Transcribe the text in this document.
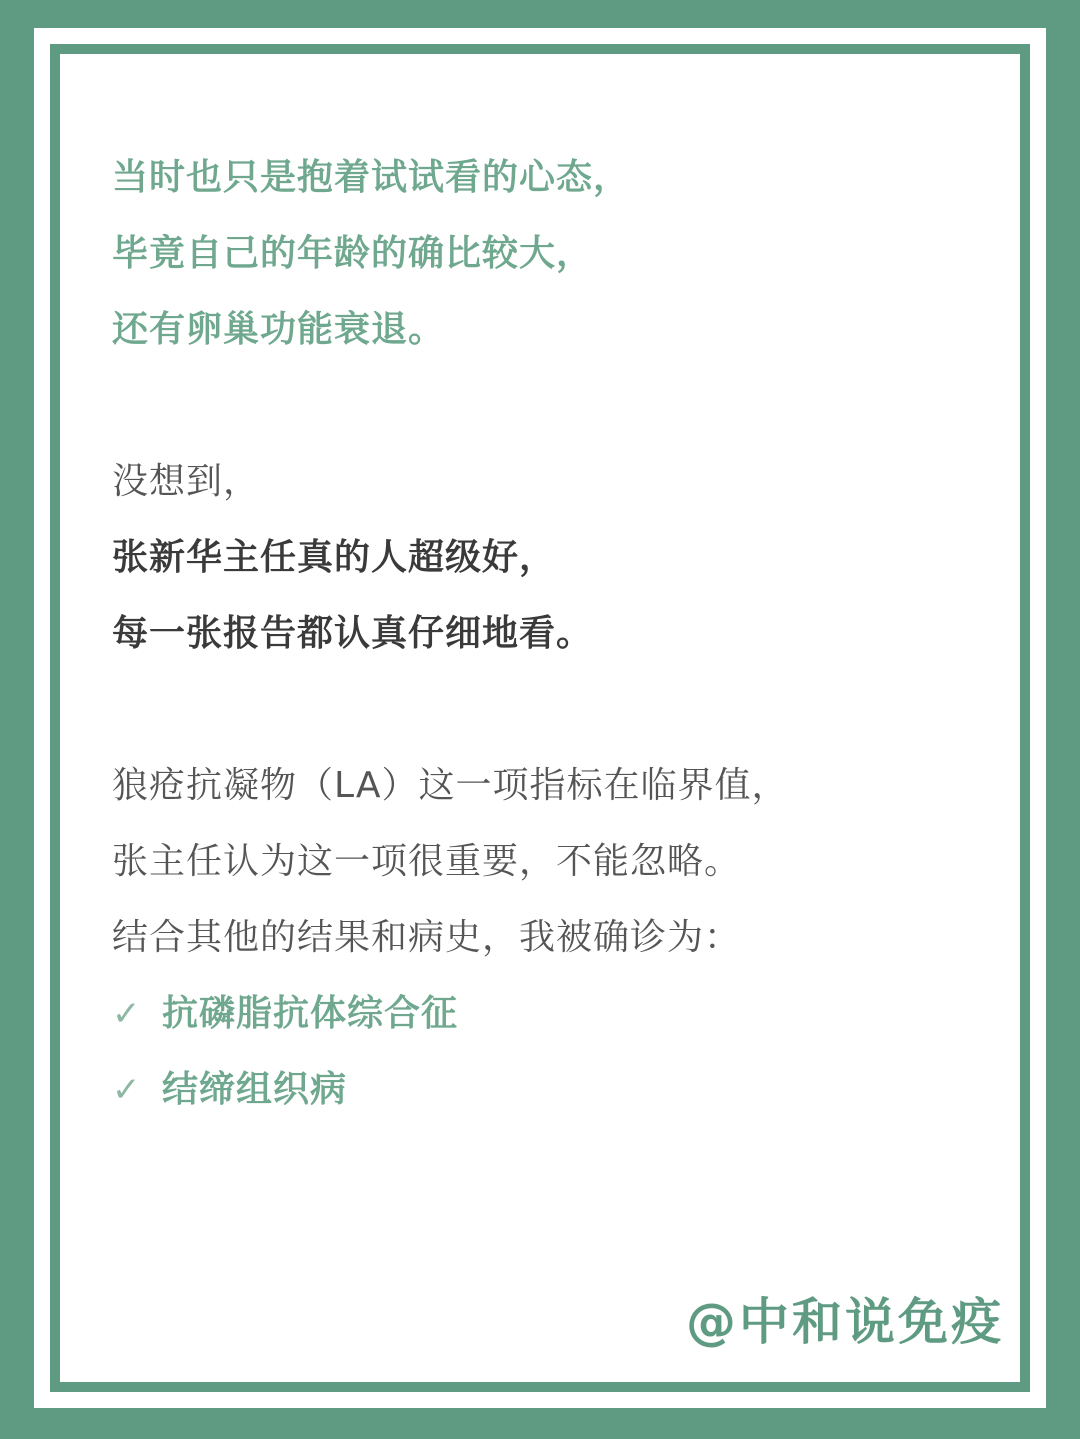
当时也只是抱着试试看的心态，
毕竟自己的年龄的确比较大，
还有卵巢功能衰退。
没想到，
张新华主任真的人超级好，
每一张报告都认真仔细地看。
狼疮抗凝物（LA）这一项指标在临界值，
张主任认为这一项很重要，不能忽略。
结合其他的结果和病史，我被确诊为：
✓ 抗磷脂抗体综合征
✓ 结缔组织病
@中和说免疫
